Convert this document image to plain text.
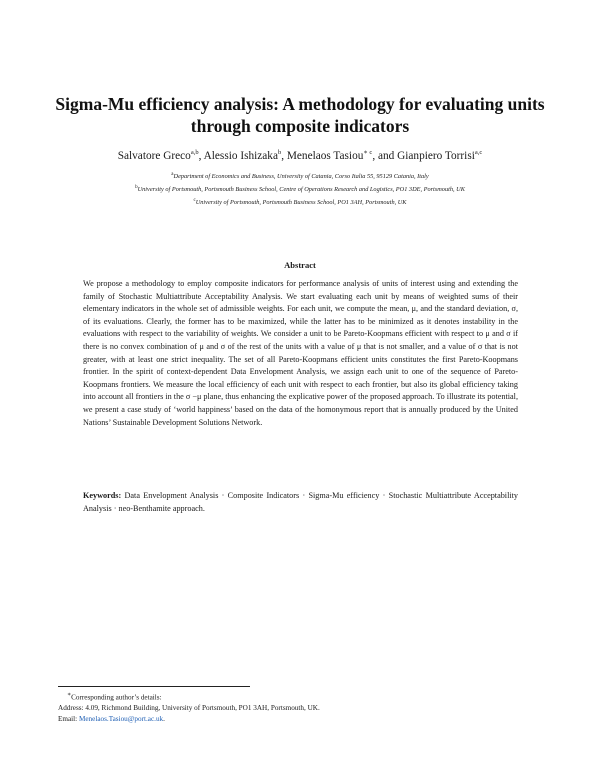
Sigma-Mu efficiency analysis: A methodology for evaluating units through composite indicators
Salvatore Greco$^{a,b}$, Alessio Ishizaka$^b$, Menelaos Tasiou$^{∗ c}$, and Gianpiero Torrisi$^{a,c}$
$^a$Department of Economics and Business, University of Catania, Corso Italia 55, 95129 Catania, Italy
$^b$University of Portsmouth, Portsmouth Business School, Centre of Operations Research and Logistics, PO1 3DE, Portsmouth, UK
$^c$University of Portsmouth, Portsmouth Business School, PO1 3AH, Portsmouth, UK
Abstract
We propose a methodology to employ composite indicators for performance analysis of units of interest using and extending the family of Stochastic Multiattribute Acceptability Analysis. We start evaluating each unit by means of weighted sums of their elementary indicators in the whole set of admissible weights. For each unit, we compute the mean, μ, and the standard deviation, σ, of its evaluations. Clearly, the former has to be maximized, while the latter has to be minimized as it denotes instability in the evaluations with respect to the variability of weights. We consider a unit to be Pareto-Koopmans efficient with respect to μ and σ if there is no convex combination of μ and σ of the rest of the units with a value of μ that is not smaller, and a value of σ that is not greater, with at least one strict inequality. The set of all Pareto-Koopmans efficient units constitutes the first Pareto-Koopmans frontier. In the spirit of context-dependent Data Envelopment Analysis, we assign each unit to one of the sequence of Pareto-Koopmans frontiers. We measure the local efficiency of each unit with respect to each frontier, but also its global efficiency taking into account all frontiers in the σ −μ plane, thus enhancing the explicative power of the proposed approach. To illustrate its potential, we present a case study of ‘world happiness’ based on the data of the homonymous report that is annually produced by the United Nations’ Sustainable Development Solutions Network.
Keywords: Data Envelopment Analysis · Composite Indicators · Sigma-Mu efficiency · Stochastic Multiattribute Acceptability Analysis · neo-Benthamite approach.
∗Corresponding author’s details:
Address: 4.09, Richmond Building, University of Portsmouth, PO1 3AH, Portsmouth, UK.
Email: Menelaos.Tasiou@port.ac.uk.
